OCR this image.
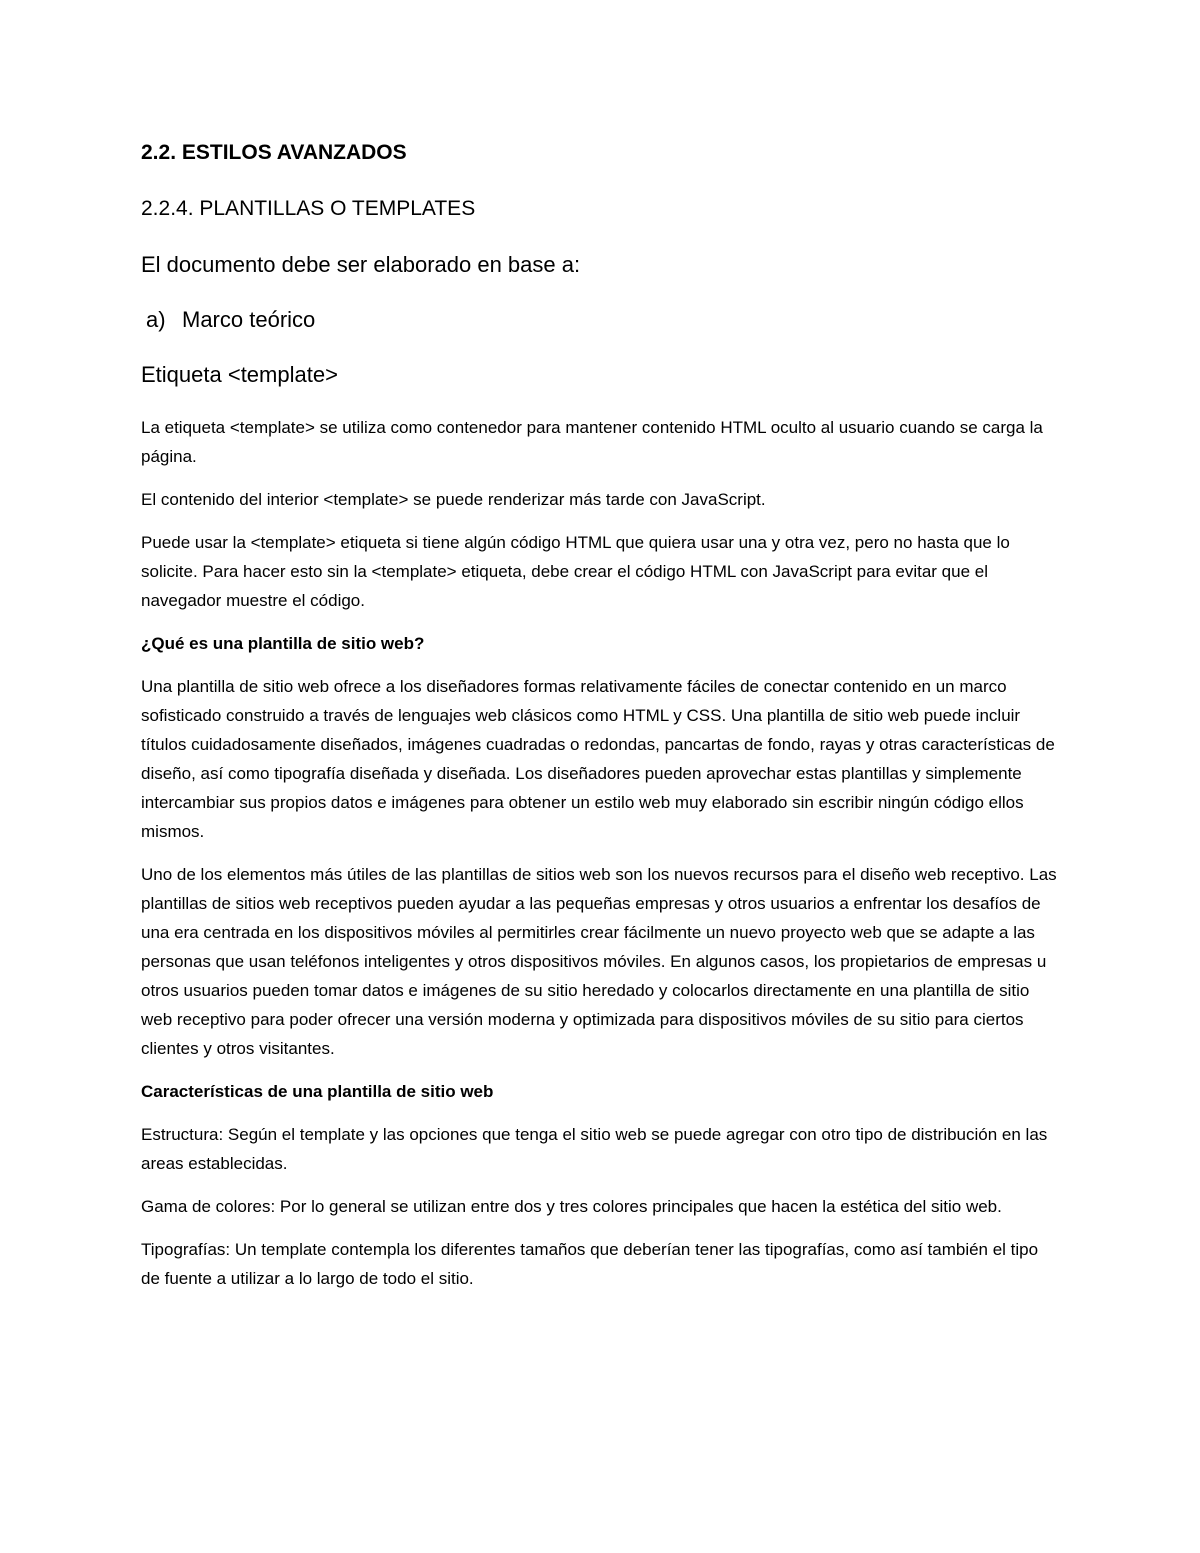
2.2. ESTILOS AVANZADOS
2.2.4. PLANTILLAS O TEMPLATES
El documento debe ser elaborado en base a:
a) Marco teórico
Etiqueta <template>

La etiqueta <template> se utiliza como contenedor para mantener contenido HTML oculto al usuario cuando se carga la página.

El contenido del interior <template> se puede renderizar más tarde con JavaScript.

Puede usar la <template> etiqueta si tiene algún código HTML que quiera usar una y otra vez, pero no hasta que lo solicite. Para hacer esto sin la <template> etiqueta, debe crear el código HTML con JavaScript para evitar que el navegador muestre el código.

¿Qué es una plantilla de sitio web?

Una plantilla de sitio web ofrece a los diseñadores formas relativamente fáciles de conectar contenido en un marco sofisticado construido a través de lenguajes web clásicos como HTML y CSS. Una plantilla de sitio web puede incluir títulos cuidadosamente diseñados, imágenes cuadradas o redondas, pancartas de fondo, rayas y otras características de diseño, así como tipografía diseñada y diseñada. Los diseñadores pueden aprovechar estas plantillas y simplemente intercambiar sus propios datos e imágenes para obtener un estilo web muy elaborado sin escribir ningún código ellos mismos.

Uno de los elementos más útiles de las plantillas de sitios web son los nuevos recursos para el diseño web receptivo. Las plantillas de sitios web receptivos pueden ayudar a las pequeñas empresas y otros usuarios a enfrentar los desafíos de una era centrada en los dispositivos móviles al permitirles crear fácilmente un nuevo proyecto web que se adapte a las personas que usan teléfonos inteligentes y otros dispositivos móviles. En algunos casos, los propietarios de empresas u otros usuarios pueden tomar datos e imágenes de su sitio heredado y colocarlos directamente en una plantilla de sitio web receptivo para poder ofrecer una versión moderna y optimizada para dispositivos móviles de su sitio para ciertos clientes y otros visitantes.

Características de una plantilla de sitio web

Estructura: Según el template y las opciones que tenga el sitio web se puede agregar con otro tipo de distribución en las areas establecidas.

Gama de colores: Por lo general se utilizan entre dos y tres colores principales que hacen la estética del sitio web.

Tipografías: Un template contempla los diferentes tamaños que deberían tener las tipografías, como así también el tipo de fuente a utilizar a lo largo de todo el sitio.
